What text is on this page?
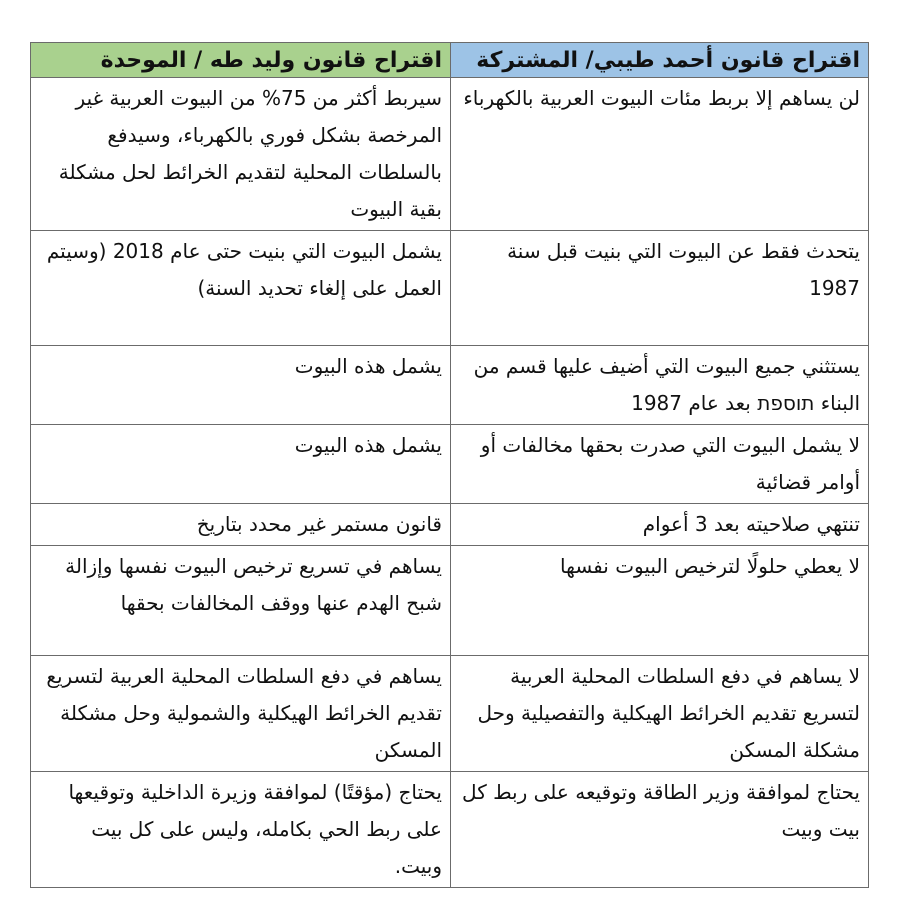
اقتراح قانون أحمد طيبي/ المشتركة	اقتراح قانون وليد طه / الموحدة
لن يساهم إلا بربط مئات البيوت العربية بالكهرباء	سيربط أكثر من 75% من البيوت العربية غير المرخصة بشكل فوري بالكهرباء، وسيدفع بالسلطات المحلية لتقديم الخرائط لحل مشكلة بقية البيوت
يتحدث فقط عن البيوت التي بنيت قبل سنة 1987	يشمل البيوت التي بنيت حتى عام 2018 (وسيتم العمل على إلغاء تحديد السنة)
يستثني جميع البيوت التي أضيف عليها قسم من البناء תוספת بعد عام 1987	يشمل هذه البيوت
لا يشمل البيوت التي صدرت بحقها مخالفات أو أوامر قضائية	يشمل هذه البيوت
تنتهي صلاحيته بعد 3 أعوام	قانون مستمر غير محدد بتاريخ
لا يعطي حلولًا لترخيص البيوت نفسها	يساهم في تسريع ترخيص البيوت نفسها وإزالة شبح الهدم عنها ووقف المخالفات بحقها
لا يساهم في دفع السلطات المحلية العربية لتسريع تقديم الخرائط الهيكلية والتفصيلية وحل مشكلة المسكن	يساهم في دفع السلطات المحلية العربية لتسريع تقديم الخرائط الهيكلية والشمولية وحل مشكلة المسكن
يحتاج لموافقة وزير الطاقة وتوقيعه على ربط كل بيت وبيت	يحتاج (مؤقتًا) لموافقة وزيرة الداخلية وتوقيعها على ربط الحي بكامله، وليس على كل بيت وبيت.
